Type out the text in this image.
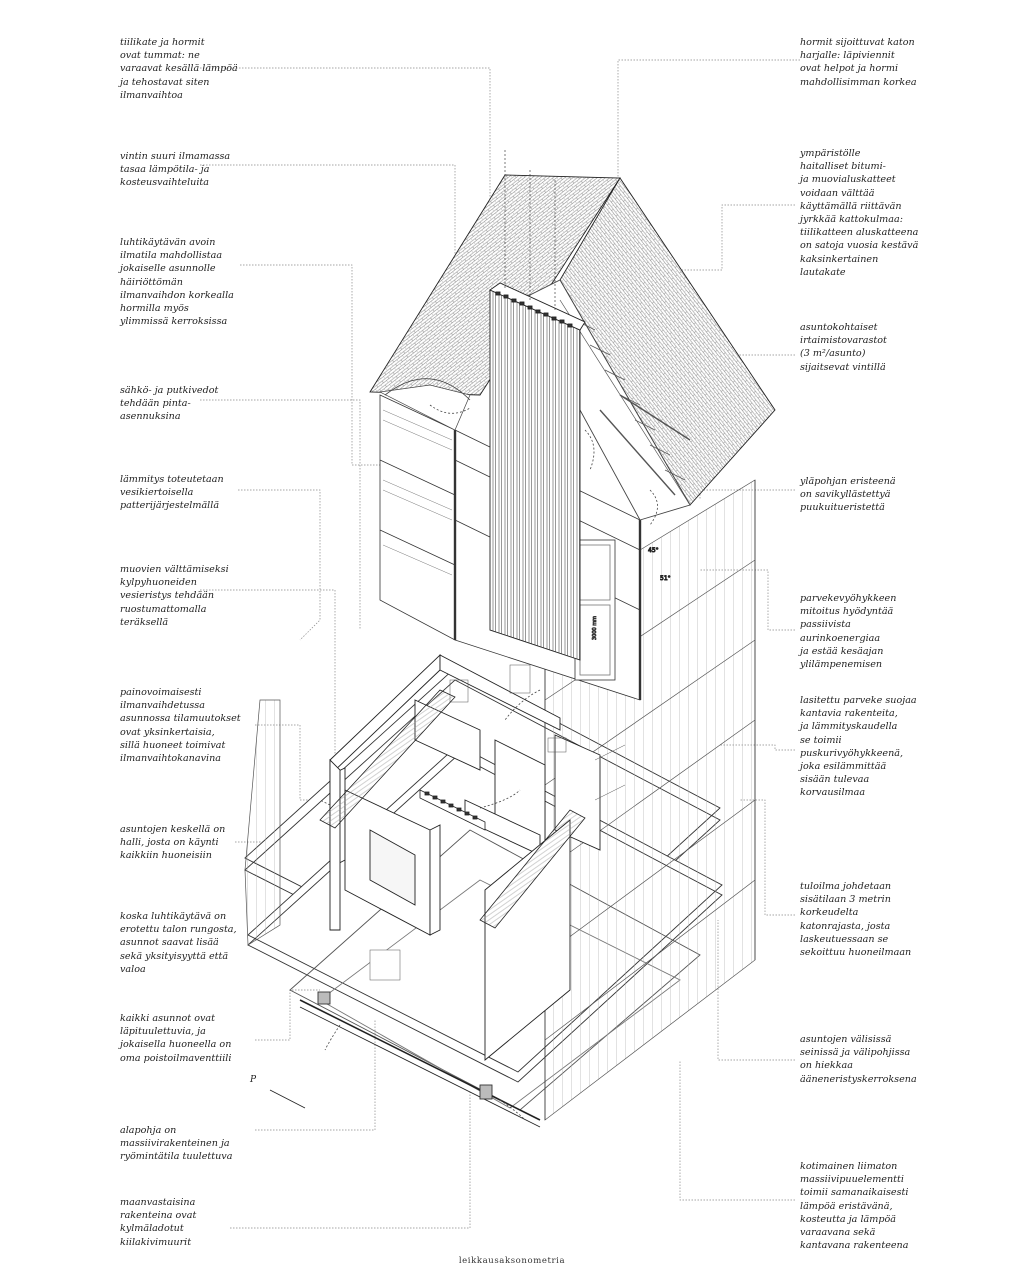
3000 mm
45°
51°
P
tiilikate ja hormit
ovat tummat: ne
varaavat kesällä lämpöä
ja tehostavat siten
ilmanvaihtoa
vintin suuri ilmamassa
tasaa lämpötila- ja
kosteusvaihteluita
luhtikäytävän avoin
ilmatila mahdollistaa
jokaiselle asunnolle
häiriöttömän
ilmanvaihdon korkealla
hormilla myös
ylimmissä kerroksissa
sähkö- ja putkivedot
tehdään pinta-
asennuksina
lämmitys toteutetaan
vesikiertoisella
patterijärjestelmällä
muovien välttämiseksi
kylpyhuoneiden
vesieristys tehdään
ruostumattomalla
teräksellä
painovoimaisesti
ilmanvaihdetussa
asunnossa tilamuutokset
ovat yksinkertaisia,
sillä huoneet toimivat
ilmanvaihtokanavina
asuntojen keskellä on
halli, josta on käynti
kaikkiin huoneisiin
koska luhtikäytävä on
erotettu talon rungosta,
asunnot saavat lisää
sekä yksityisyyttä että
valoa
kaikki asunnot ovat
läpituulettuvia, ja
jokaisella huoneella on
oma poistoilmaventtiili
alapohja on
massiivirakenteinen ja
ryömintätila tuulettuva
maanvastaisina
rakenteina ovat
kylmäladotut
kiilakivimuurit
hormit sijoittuvat katon
harjalle: läpiviennit
ovat helpot ja hormi
mahdollisimman korkea
ympäristölle
haitalliset bitumi-
ja muovialuskatteet
voidaan välttää
käyttämällä riittävän
jyrkkää kattokulmaa:
tiilikatteen aluskatteena
on satoja vuosia kestävä
kaksinkertainen
lautakate
asuntokohtaiset
irtaimistovarastot
(3 m²/asunto)
sijaitsevat vintillä
yläpohjan eristeenä
on savikyllästettyä
puukuitueristettä
parvekevyöhykkeen
mitoitus hyödyntää
passiivista
aurinkoenergiaa
ja estää kesäajan
ylilämpenemisen
lasitettu parveke suojaa
kantavia rakenteita,
ja lämmityskaudella
se toimii
puskurivyöhykkeenä,
joka esilämmittää
sisään tulevaa
korvausilmaa
tuloilma johdetaan
sisätilaan 3 metrin
korkeudelta
katonrajasta, josta
laskeutuessaan se
sekoittuu huoneilmaan
asuntojen välisissä
seinissä ja välipohjissa
on hiekkaa
ääneneristyskerroksena
kotimainen liimaton
massiivipuuelementti
toimii samanaikaisesti
lämpöä eristävänä,
kosteutta ja lämpöä
varaavana sekä
kantavana rakenteena
leikkausaksonometria
